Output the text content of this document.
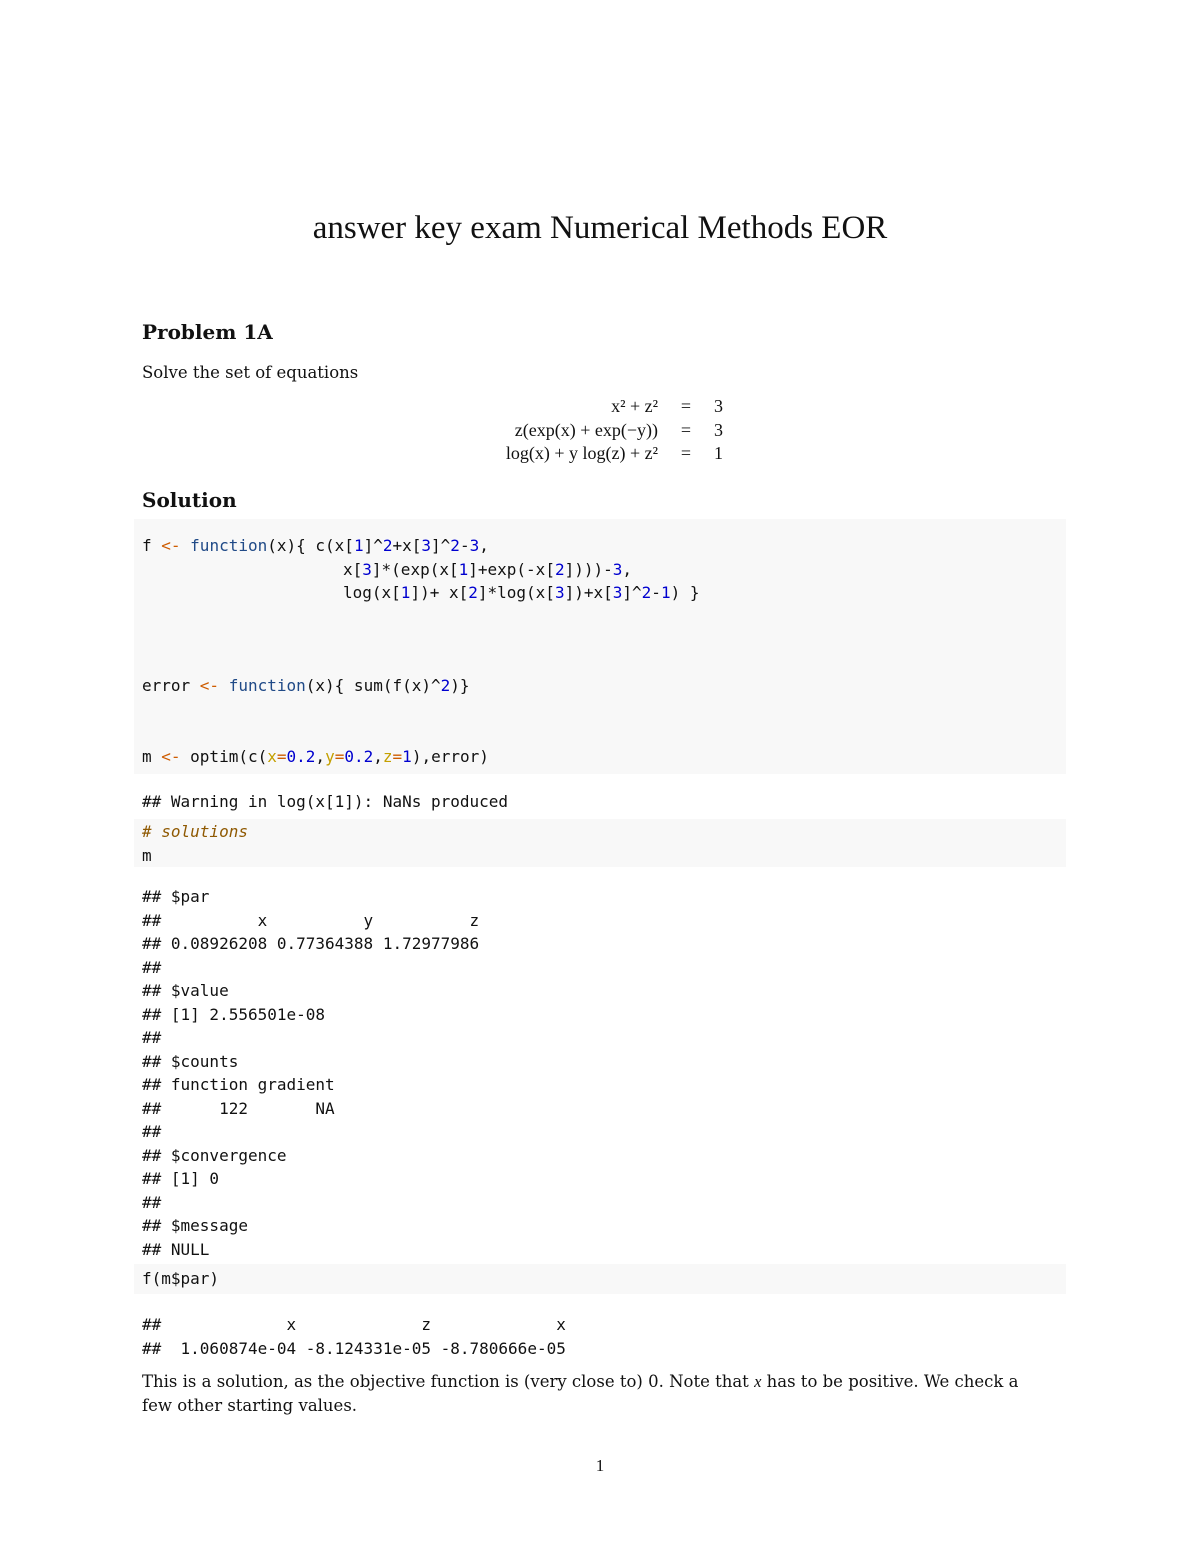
answer key exam Numerical Methods EOR
Problem 1A
Solve the set of equations
x² + z²	=	3
z(exp(x) + exp(−y))	=	3
log(x) + y log(z) + z²	=	1
Solution
f <- function(x){ c(x[1]^2+x[3]^2-3,
x[3]*(exp(x[1]+exp(-x[2])))-3,
log(x[1])+ x[2]*log(x[3])+x[3]^2-1) }
error <- function(x){ sum(f(x)^2)}
m <- optim(c(x=0.2,y=0.2,z=1),error)
## Warning in log(x[1]): NaNs produced
# solutions
m
## $par
##          x          y          z
## 0.08926208 0.77364388 1.72977986
##
## $value
## [1] 2.556501e-08
##
## $counts
## function gradient
##      122       NA
##
## $convergence
## [1] 0
##
## $message
## NULL
f(m$par)
##             x             z             x
##  1.060874e-04 -8.124331e-05 -8.780666e-05
This is a solution, as the objective function is (very close to) 0. Note that x has to be positive. We check a
few other starting values.
1
